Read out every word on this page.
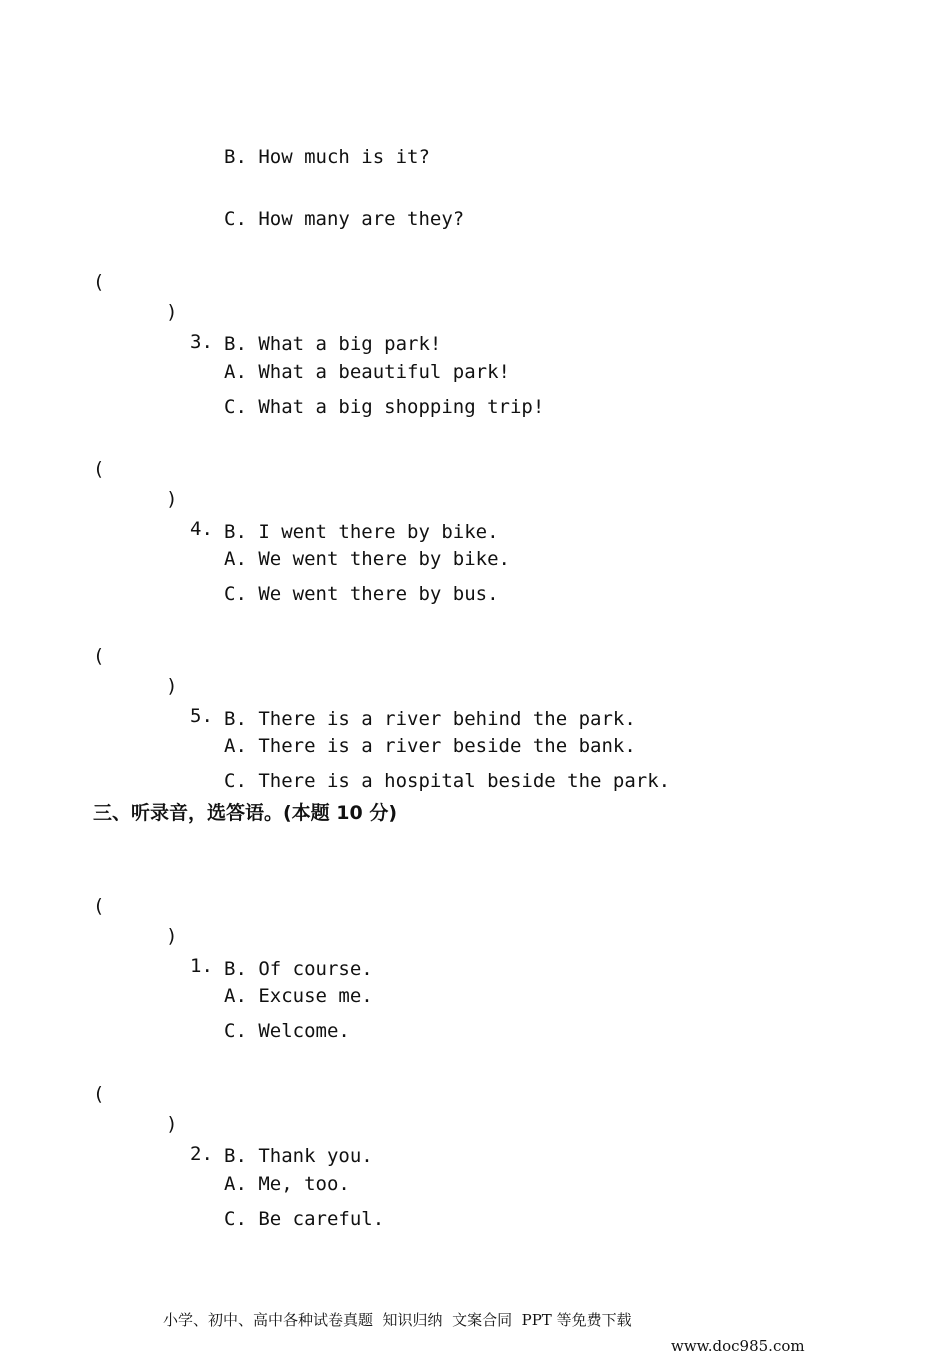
B. How much is it?

C. How many are they?

(

)

3.

A. What a beautiful park!

B. What a big park!

C. What a big shopping trip!

(

)

4.

A. We went there by bike.

B. I went there by bike.

C. We went there by bus.

(

)

5.

A. There is a river beside the bank.

B. There is a river behind the park.

C. There is a hospital beside the park.

三、听录音，选答语。(本题 10 分)

(

)

1.

A. Excuse me.

B. Of course.

C. Welcome.

(

)

2.

A. Me, too.

B. Thank you.

C. Be careful.

小学、初中、高中各种试卷真题  知识归纳  文案合同  PPT 等免费下载

www.doc985.com
